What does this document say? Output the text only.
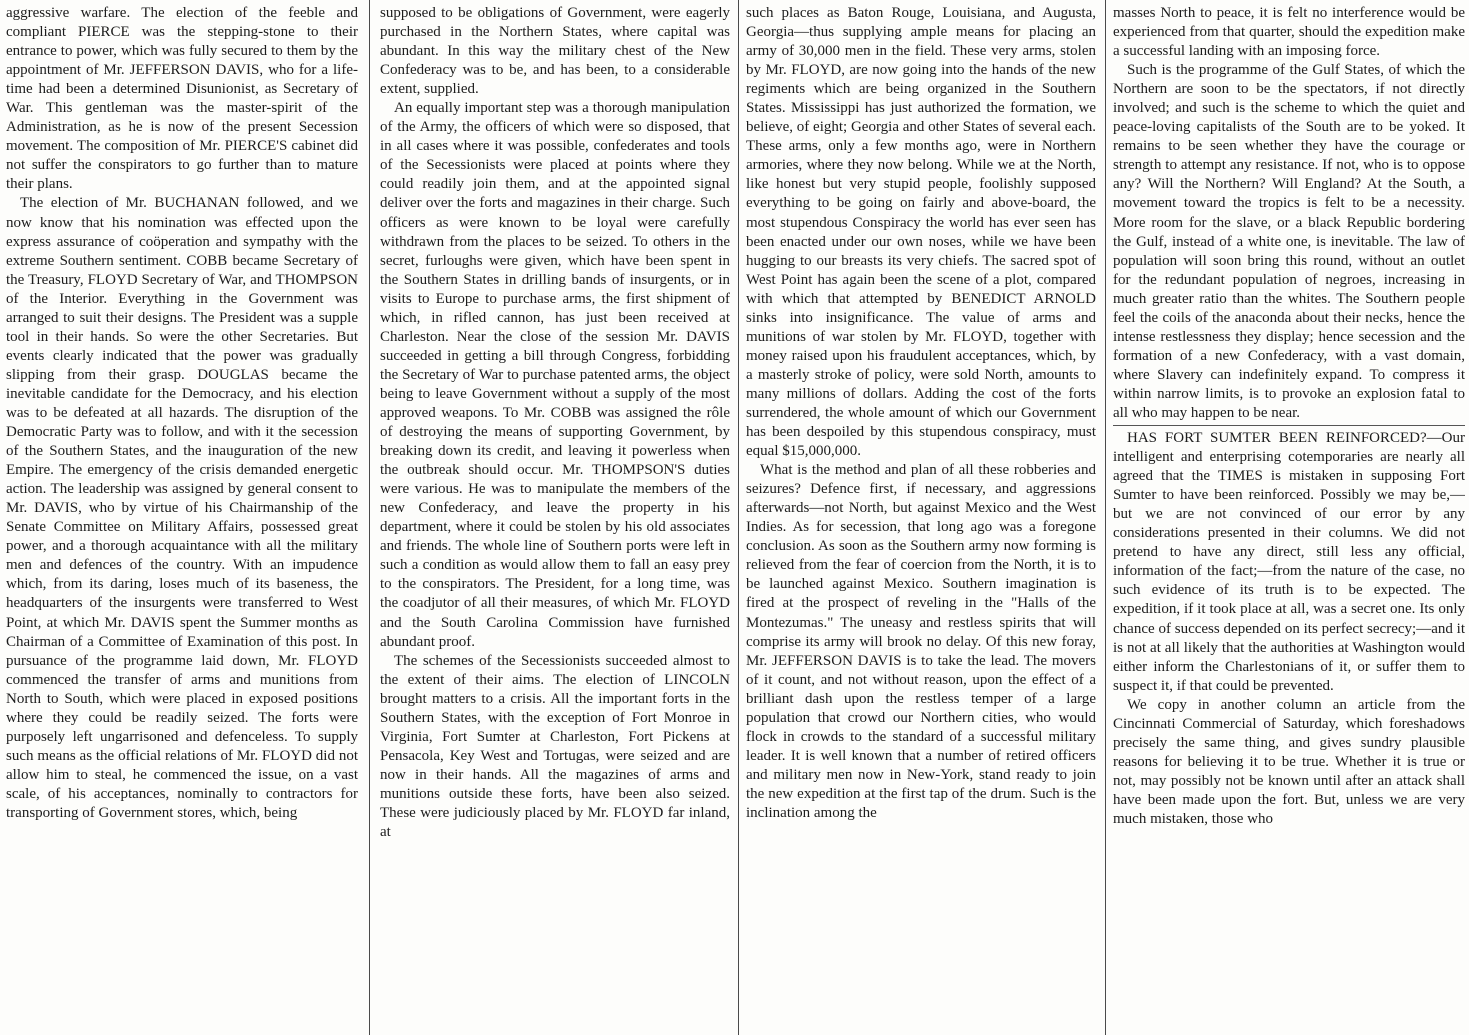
aggressive warfare. The election of the feeble and compliant PIERCE was the stepping-stone to their entrance to power, which was fully secured to them by the appointment of Mr. JEFFERSON DAVIS, who for a life-time had been a determined Disunionist, as Secretary of War. This gentleman was the master-spirit of the Administration, as he is now of the present Secession movement. The composition of Mr. PIERCE'S cabinet did not suffer the conspirators to go further than to mature their plans.

The election of Mr. BUCHANAN followed, and we now know that his nomination was effected upon the express assurance of coöperation and sympathy with the extreme Southern sentiment. COBB became Secretary of the Treasury, FLOYD Secretary of War, and THOMPSON of the Interior. Everything in the Government was arranged to suit their designs. The President was a supple tool in their hands. So were the other Secretaries. But events clearly indicated that the power was gradually slipping from their grasp. DOUGLAS became the inevitable candidate for the Democracy, and his election was to be defeated at all hazards. The disruption of the Democratic Party was to follow, and with it the secession of the Southern States, and the inauguration of the new Empire. The emergency of the crisis demanded energetic action. The leadership was assigned by general consent to Mr. DAVIS, who by virtue of his Chairmanship of the Senate Committee on Military Affairs, possessed great power, and a thorough acquaintance with all the military men and defences of the country. With an impudence which, from its daring, loses much of its baseness, the headquarters of the insurgents were transferred to West Point, at which Mr. DAVIS spent the Summer months as Chairman of a Committee of Examination of this post. In pursuance of the programme laid down, Mr. FLOYD commenced the transfer of arms and munitions from North to South, which were placed in exposed positions where they could be readily seized. The forts were purposely left ungarrisoned and defenceless. To supply such means as the official relations of Mr. FLOYD did not allow him to steal, he commenced the issue, on a vast scale, of his acceptances, nominally to contractors for transporting of Government stores, which, being

supposed to be obligations of Government, were eagerly purchased in the Northern States, where capital was abundant. In this way the military chest of the New Confederacy was to be, and has been, to a considerable extent, supplied.

An equally important step was a thorough manipulation of the Army, the officers of which were so disposed, that in all cases where it was possible, confederates and tools of the Secessionists were placed at points where they could readily join them, and at the appointed signal deliver over the forts and magazines in their charge. Such officers as were known to be loyal were carefully withdrawn from the places to be seized. To others in the secret, furloughs were given, which have been spent in the Southern States in drilling bands of insurgents, or in visits to Europe to purchase arms, the first shipment of which, in rifled cannon, has just been received at Charleston. Near the close of the session Mr. DAVIS succeeded in getting a bill through Congress, forbidding the Secretary of War to purchase patented arms, the object being to leave Government without a supply of the most approved weapons. To Mr. COBB was assigned the rôle of destroying the means of supporting Government, by breaking down its credit, and leaving it powerless when the outbreak should occur. Mr. THOMPSON'S duties were various. He was to manipulate the members of the new Confederacy, and leave the property in his department, where it could be stolen by his old associates and friends. The whole line of Southern ports were left in such a condition as would allow them to fall an easy prey to the conspirators. The President, for a long time, was the coadjutor of all their measures, of which Mr. FLOYD and the South Carolina Commission have furnished abundant proof.

The schemes of the Secessionists succeeded almost to the extent of their aims. The election of LINCOLN brought matters to a crisis. All the important forts in the Southern States, with the exception of Fort Monroe in Virginia, Fort Sumter at Charleston, Fort Pickens at Pensacola, Key West and Tortugas, were seized and are now in their hands. All the magazines of arms and munitions outside these forts, have been also seized. These were judiciously placed by Mr. FLOYD far inland, at

such places as Baton Rouge, Louisiana, and Augusta, Georgia—thus supplying ample means for placing an army of 30,000 men in the field. These very arms, stolen by Mr. FLOYD, are now going into the hands of the new regiments which are being organized in the Southern States. Mississippi has just authorized the formation, we believe, of eight; Georgia and other States of several each. These arms, only a few months ago, were in Northern armories, where they now belong. While we at the North, like honest but very stupid people, foolishly supposed everything to be going on fairly and above-board, the most stupendous Conspiracy the world has ever seen has been enacted under our own noses, while we have been hugging to our breasts its very chiefs. The sacred spot of West Point has again been the scene of a plot, compared with which that attempted by BENEDICT ARNOLD sinks into insignificance. The value of arms and munitions of war stolen by Mr. FLOYD, together with money raised upon his fraudulent acceptances, which, by a masterly stroke of policy, were sold North, amounts to many millions of dollars. Adding the cost of the forts surrendered, the whole amount of which our Government has been despoiled by this stupendous conspiracy, must equal $15,000,000.

What is the method and plan of all these robberies and seizures? Defence first, if necessary, and aggressions afterwards—not North, but against Mexico and the West Indies. As for secession, that long ago was a foregone conclusion. As soon as the Southern army now forming is relieved from the fear of coercion from the North, it is to be launched against Mexico. Southern imagination is fired at the prospect of reveling in the "Halls of the Montezumas." The uneasy and restless spirits that will comprise its army will brook no delay. Of this new foray, Mr. JEFFERSON DAVIS is to take the lead. The movers of it count, and not without reason, upon the effect of a brilliant dash upon the restless temper of a large population that crowd our Northern cities, who would flock in crowds to the standard of a successful military leader. It is well known that a number of retired officers and military men now in New-York, stand ready to join the new expedition at the first tap of the drum. Such is the inclination among the

masses North to peace, it is felt no interference would be experienced from that quarter, should the expedition make a successful landing with an imposing force.

Such is the programme of the Gulf States, of which the Northern are soon to be the spectators, if not directly involved; and such is the scheme to which the quiet and peace-loving capitalists of the South are to be yoked. It remains to be seen whether they have the courage or strength to attempt any resistance. If not, who is to oppose any? Will the Northern? Will England? At the South, a movement toward the tropics is felt to be a necessity. More room for the slave, or a black Republic bordering the Gulf, instead of a white one, is inevitable. The law of population will soon bring this round, without an outlet for the redundant population of negroes, increasing in much greater ratio than the whites. The Southern people feel the coils of the anaconda about their necks, hence the intense restlessness they display; hence secession and the formation of a new Confederacy, with a vast domain, where Slavery can indefinitely expand. To compress it within narrow limits, is to provoke an explosion fatal to all who may happen to be near.

HAS FORT SUMTER BEEN REINFORCED?—Our intelligent and enterprising cotemporaries are nearly all agreed that the TIMES is mistaken in supposing Fort Sumter to have been reinforced. Possibly we may be,—but we are not convinced of our error by any considerations presented in their columns. We did not pretend to have any direct, still less any official, information of the fact;—from the nature of the case, no such evidence of its truth is to be expected. The expedition, if it took place at all, was a secret one. Its only chance of success depended on its perfect secrecy;—and it is not at all likely that the authorities at Washington would either inform the Charlestonians of it, or suffer them to suspect it, if that could be prevented.

We copy in another column an article from the Cincinnati Commercial of Saturday, which foreshadows precisely the same thing, and gives sundry plausible reasons for believing it to be true. Whether it is true or not, may possibly not be known until after an attack shall have been made upon the fort. But, unless we are very much mistaken, those who
